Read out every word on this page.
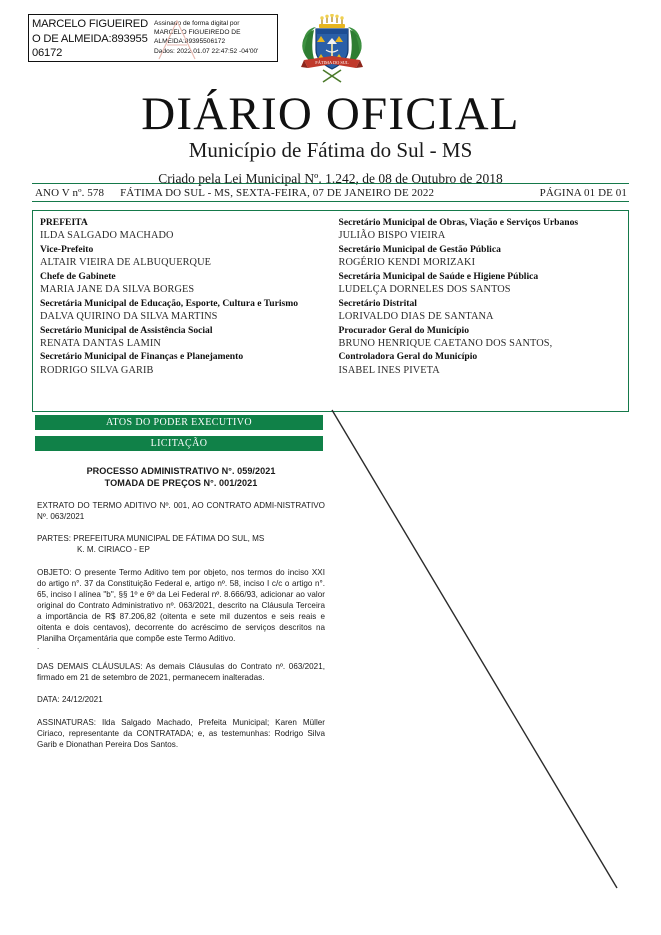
MARCELO FIGUEIREDO DE ALMEIDA:89395506172
Assinado de forma digital por
MARCELO FIGUEIREDO DE
ALMEIDA:89395506172
Dados: 2022.01.07 22:47:52 -04'00'
FÁTIMA DO SUL
DIÁRIO OFICIAL
Município de Fátima do Sul - MS
Criado pela Lei Municipal Nº. 1.242, de 08 de Outubro de 2018
ANO V nº. 578 FÁTIMA DO SUL - MS, SEXTA-FEIRA, 07 DE JANEIRO DE 2022	PÁGINA 01 DE 01
PREFEITA
ILDA SALGADO MACHADO
Vice-Prefeito
ALTAIR VIEIRA DE ALBUQUERQUE
Chefe de Gabinete
MARIA JANE DA SILVA BORGES
Secretária Municipal de Educação, Esporte, Cultura e Turismo
DALVA QUIRINO DA SILVA MARTINS
Secretário Municipal de Assistência Social
RENATA DANTAS LAMIN
Secretário Municipal de Finanças e Planejamento
RODRIGO SILVA GARIB
Secretário Municipal de Obras, Viação e Serviços Urbanos
JULIÃO BISPO VIEIRA
Secretário Municipal de Gestão Pública
ROGÉRIO KENDI MORIZAKI
Secretária Municipal de Saúde e Higiene Pública
LUDELÇA DORNELES DOS SANTOS
Secretário Distrital
LORIVALDO DIAS DE SANTANA
Procurador Geral do Município
BRUNO HENRIQUE CAETANO DOS SANTOS,
Controladora Geral do Município
ISABEL INES PIVETA
ATOS DO PODER EXECUTIVO
LICITAÇÃO
PROCESSO ADMINISTRATIVO N°. 059/2021
TOMADA DE PREÇOS N°. 001/2021
EXTRATO DO TERMO ADITIVO Nº. 001, AO CONTRATO ADMI-NISTRATIVO Nº. 063/2021
PARTES: PREFEITURA MUNICIPAL DE FÁTIMA DO SUL, MS
K. M. CIRIACO - EP
OBJETO: O presente Termo Aditivo tem por objeto, nos termos do inciso XXI do artigo n°. 37 da Constituição Federal e, artigo nº. 58, inciso I c/c o artigo n°. 65, inciso I alínea "b", §§ 1º e 6º da Lei Federal nº. 8.666/93, adicionar ao valor original do Contrato Administrativo nº. 063/2021, descrito na Cláusula Terceira a importância de R$ 87.206,82 (oitenta e sete mil duzentos e seis reais e oitenta e dois centavos), decorrente do acréscimo de serviços descritos na Planilha Orçamentária que compõe este Termo Aditivo.
.
DAS DEMAIS CLÁUSULAS: As demais Cláusulas do Contrato nº. 063/2021, firmado em 21 de setembro de 2021, permanecem inalteradas.
DATA: 24/12/2021
ASSINATURAS: Ilda Salgado Machado, Prefeita Municipal; Karen Müller Ciriaco, representante da CONTRATADA; e, as testemunhas: Rodrigo Silva Garib e Dionathan Pereira Dos Santos.
